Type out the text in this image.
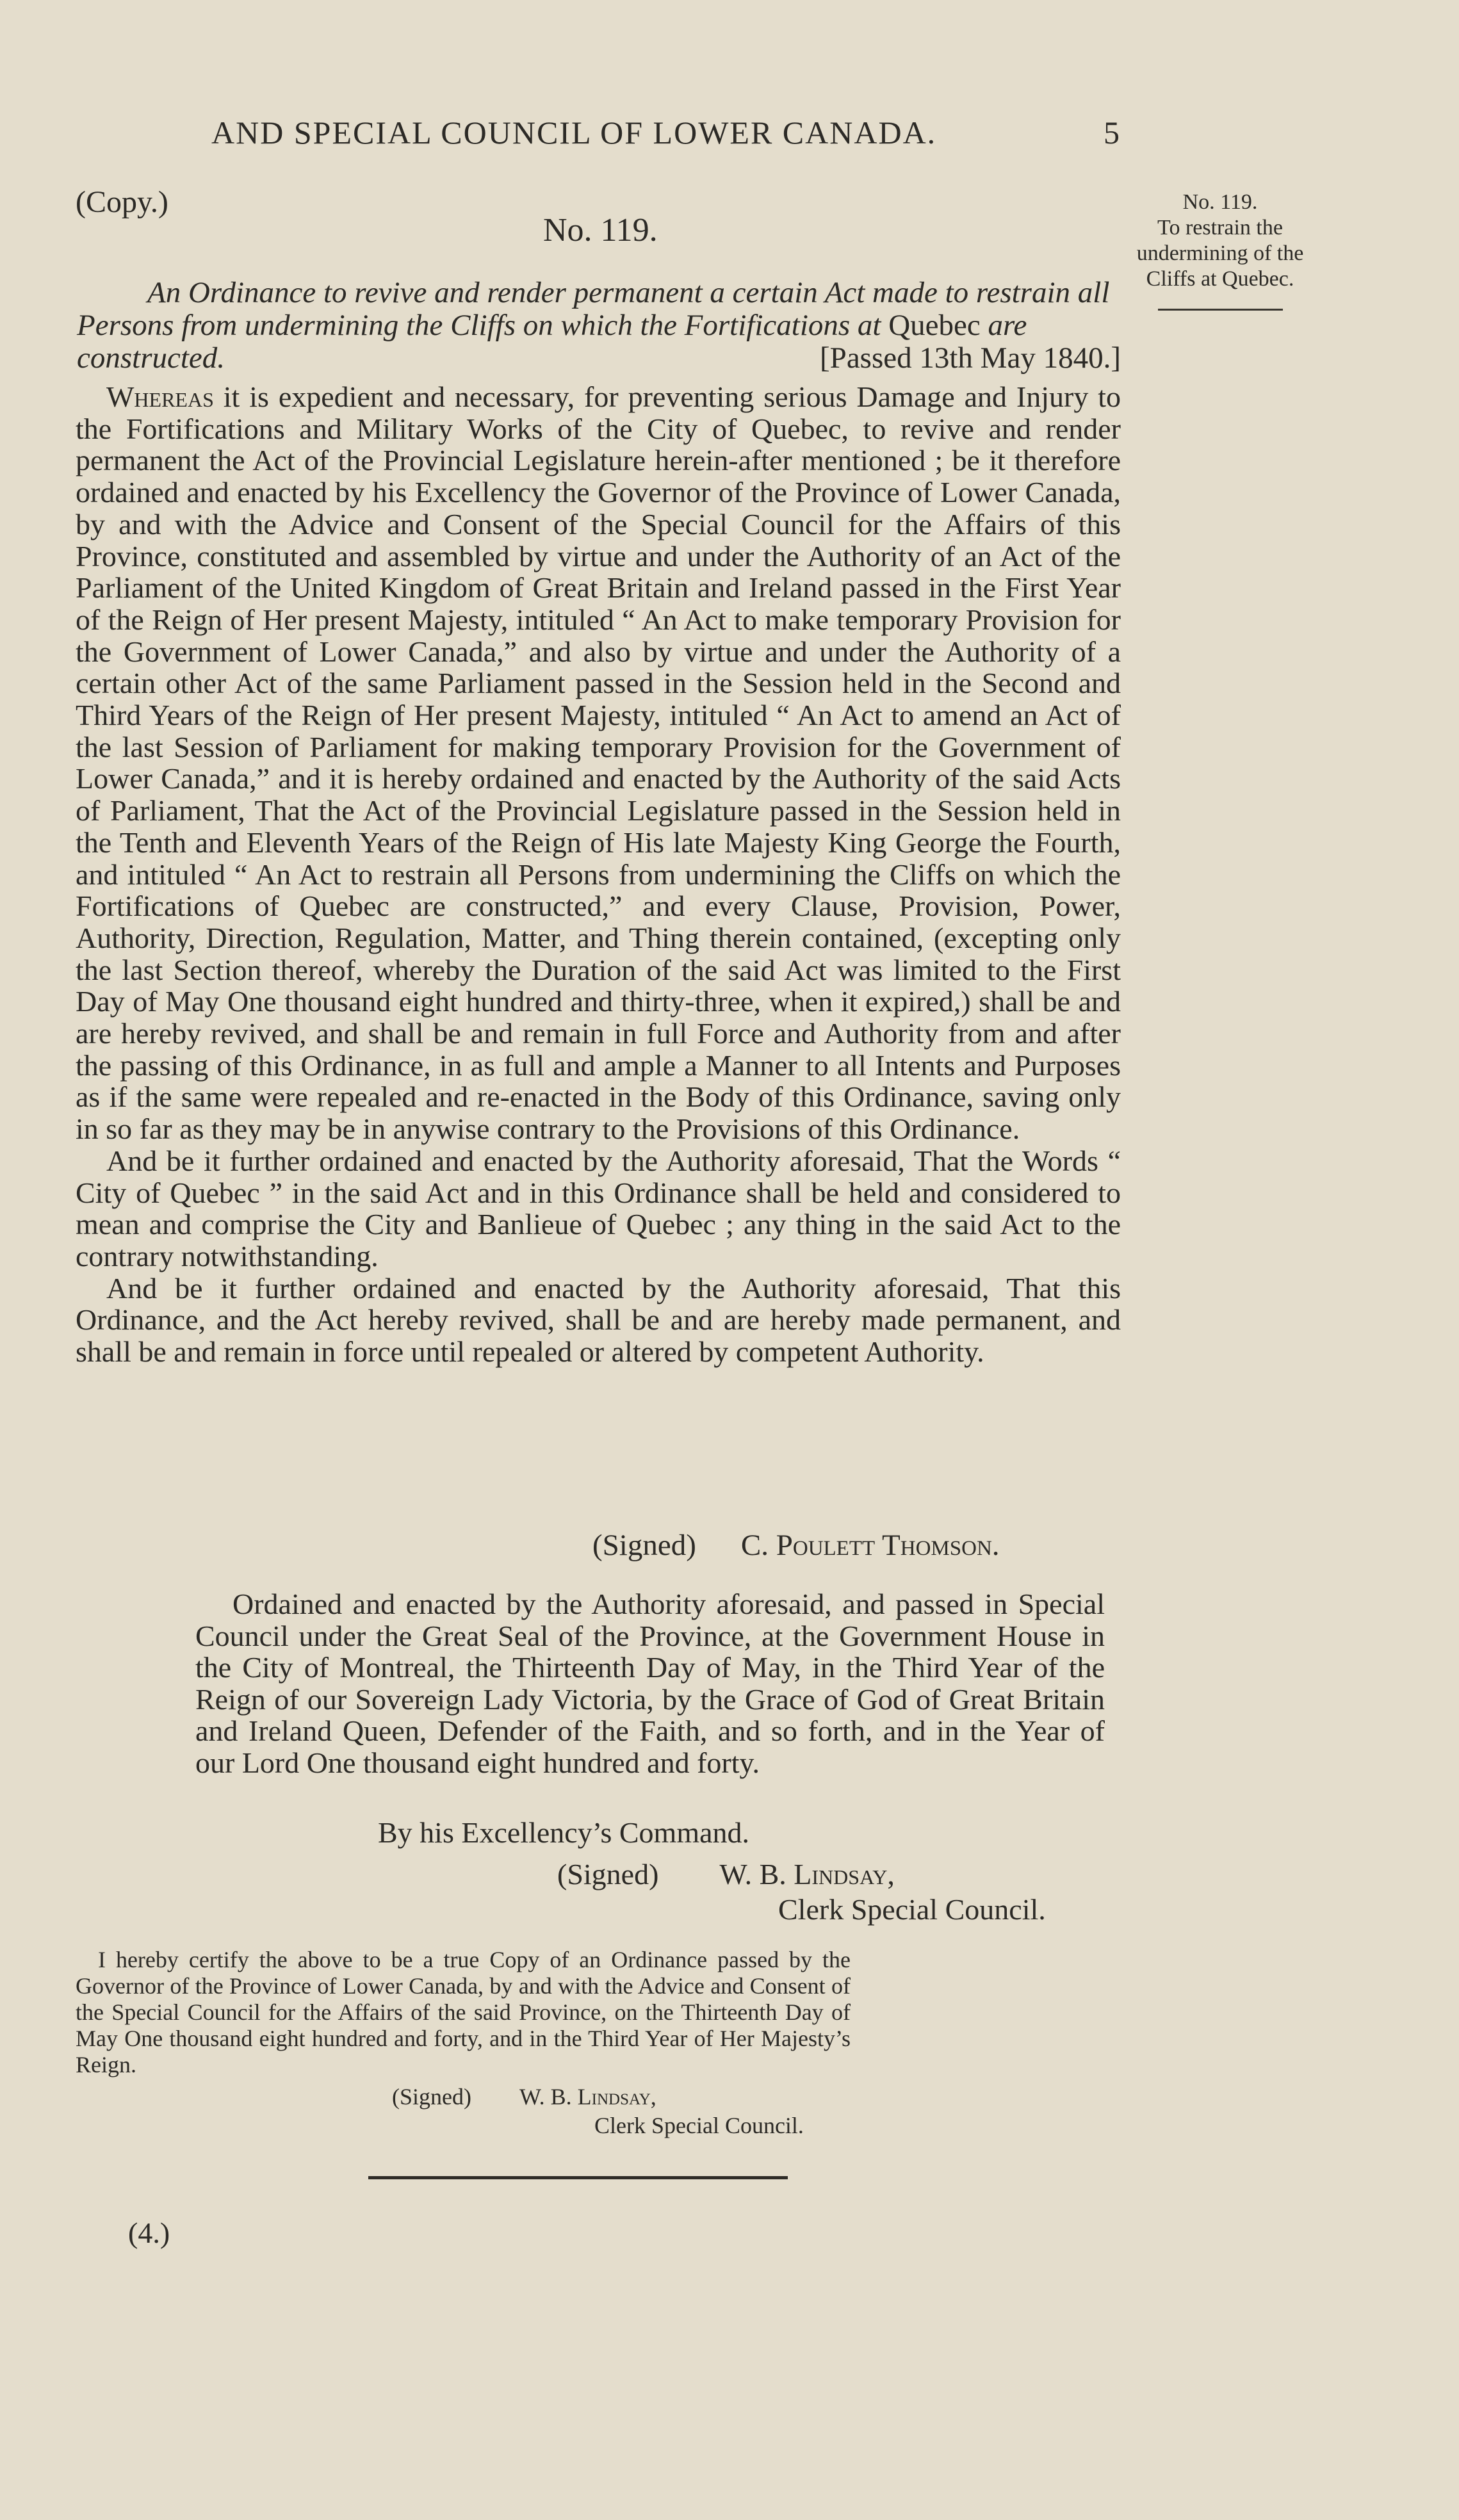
AND SPECIAL COUNCIL OF LOWER CANADA.	5
(Copy.)
No. 119.
No. 119.
To restrain the
undermining of the
Cliffs at Quebec.
An Ordinance to revive and render permanent a certain Act made to restrain all Persons from undermining the Cliffs on which the Fortifications at Quebec are constructed.	[Passed 13th May 1840.]

Whereas it is expedient and necessary, for preventing serious Damage and Injury to the Fortifications and Military Works of the City of Quebec, to revive and render permanent the Act of the Provincial Legislature herein-after mentioned ; be it therefore ordained and enacted by his Excellency the Governor of the Province of Lower Canada, by and with the Advice and Consent of the Special Council for the Affairs of this Province, constituted and assembled by virtue and under the Authority of an Act of the Parliament of the United Kingdom of Great Britain and Ireland passed in the First Year of the Reign of Her present Majesty, intituled “ An Act to make temporary Provision for the Government of Lower Canada,” and also by virtue and under the Authority of a certain other Act of the same Parliament passed in the Session held in the Second and Third Years of the Reign of Her present Majesty, intituled “ An Act to amend an Act of the last Session of Parliament for making temporary Provision for the Government of Lower Canada,” and it is hereby ordained and enacted by the Authority of the said Acts of Parliament, That the Act of the Provincial Legislature passed in the Session held in the Tenth and Eleventh Years of the Reign of His late Majesty King George the Fourth, and intituled “ An Act to restrain all Persons from undermining the Cliffs on which the Fortifications of Quebec are constructed,” and every Clause, Provision, Power, Authority, Direction, Regulation, Matter, and Thing therein contained, (excepting only the last Section thereof, whereby the Duration of the said Act was limited to the First Day of May One thousand eight hundred and thirty-three, when it expired,) shall be and are hereby revived, and shall be and remain in full Force and Authority from and after the passing of this Ordinance, in as full and ample a Manner to all Intents and Purposes as if the same were repealed and re-enacted in the Body of this Ordinance, saving only in so far as they may be in anywise contrary to the Provisions of this Ordinance.

And be it further ordained and enacted by the Authority aforesaid, That the Words “ City of Quebec ” in the said Act and in this Ordinance shall be held and considered to mean and comprise the City and Banlieue of Quebec ; any thing in the said Act to the contrary notwithstanding.

And be it further ordained and enacted by the Authority aforesaid, That this Ordinance, and the Act hereby revived, shall be and are hereby made permanent, and shall be and remain in force until repealed or altered by competent Authority.

(Signed) C. Poulett Thomson.

Ordained and enacted by the Authority aforesaid, and passed in Special Council under the Great Seal of the Province, at the Government House in the City of Montreal, the Thirteenth Day of May, in the Third Year of the Reign of our Sovereign Lady Victoria, by the Grace of God of Great Britain and Ireland Queen, Defender of the Faith, and so forth, and in the Year of our Lord One thousand eight hundred and forty.

By his Excellency’s Command.
(Signed) W. B. Lindsay,
Clerk Special Council.

I hereby certify the above to be a true Copy of an Ordinance passed by the Governor of the Province of Lower Canada, by and with the Advice and Consent of the Special Council for the Affairs of the said Province, on the Thirteenth Day of May One thousand eight hundred and forty, and in the Third Year of Her Majesty’s Reign.

(Signed) W. B. Lindsay,
Clerk Special Council.
(4.)
